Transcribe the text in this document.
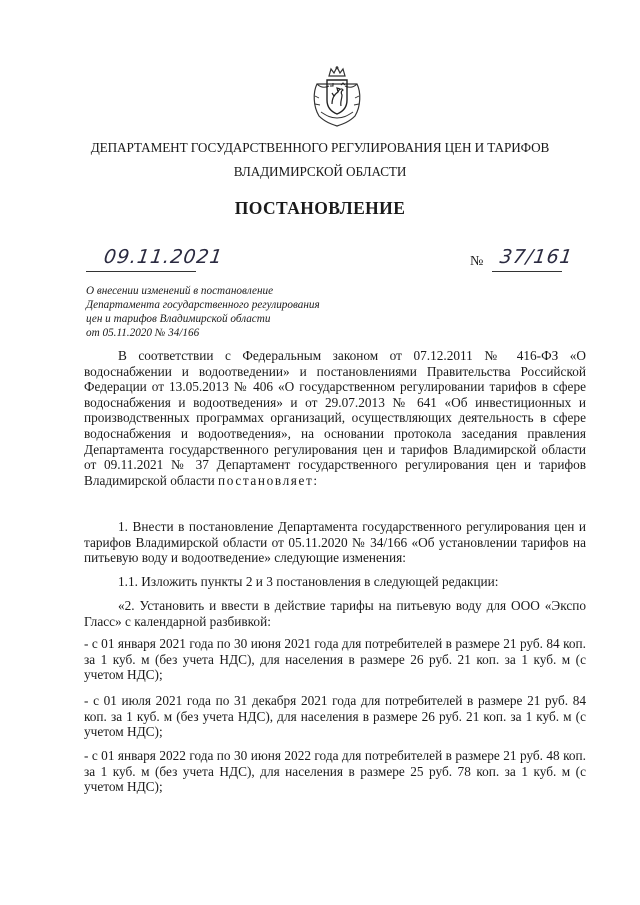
ДЕПАРТАМЕНТ ГОСУДАРСТВЕННОГО РЕГУЛИРОВАНИЯ ЦЕН И ТАРИФОВ
ВЛАДИМИРСКОЙ ОБЛАСТИ
ПОСТАНОВЛЕНИЕ
09.11.2021	№ 37/161
О внесении изменений в постановление
Департамента государственного регулирования
цен и тарифов Владимирской области
от 05.11.2020 № 34/166
В соответствии с Федеральным законом от 07.12.2011 № 416-ФЗ «О водоснабжении и водоотведении» и постановлениями Правительства Российской Федерации от 13.05.2013 № 406 «О государственном регулировании тарифов в сфере водоснабжения и водоотведения» и от 29.07.2013 № 641 «Об инвестиционных и производственных программах организаций, осуществляющих деятельность в сфере водоснабжения и водоотведения», на основании протокола заседания правления Департамента государственного регулирования цен и тарифов Владимирской области от 09.11.2021 № 37 Департамент государственного регулирования цен и тарифов Владимирской области постановляет:
1. Внести в постановление Департамента государственного регулирования цен и тарифов Владимирской области от 05.11.2020 № 34/166 «Об установлении тарифов на питьевую воду и водоотведение» следующие изменения:
1.1. Изложить пункты 2 и 3 постановления в следующей редакции:
«2. Установить и ввести в действие тарифы на питьевую воду для ООО «Экспо Гласс» с календарной разбивкой:
- с 01 января 2021 года по 30 июня 2021 года для потребителей в размере 21 руб. 84 коп. за 1 куб. м (без учета НДС), для населения в размере 26 руб. 21 коп. за 1 куб. м (с учетом НДС);
- с 01 июля 2021 года по 31 декабря 2021 года для потребителей в размере 21 руб. 84 коп. за 1 куб. м (без учета НДС), для населения в размере 26 руб. 21 коп. за 1 куб. м (с учетом НДС);
- с 01 января 2022 года по 30 июня 2022 года для потребителей в размере 21 руб. 48 коп. за 1 куб. м (без учета НДС), для населения в размере 25 руб. 78 коп. за 1 куб. м (с учетом НДС);
